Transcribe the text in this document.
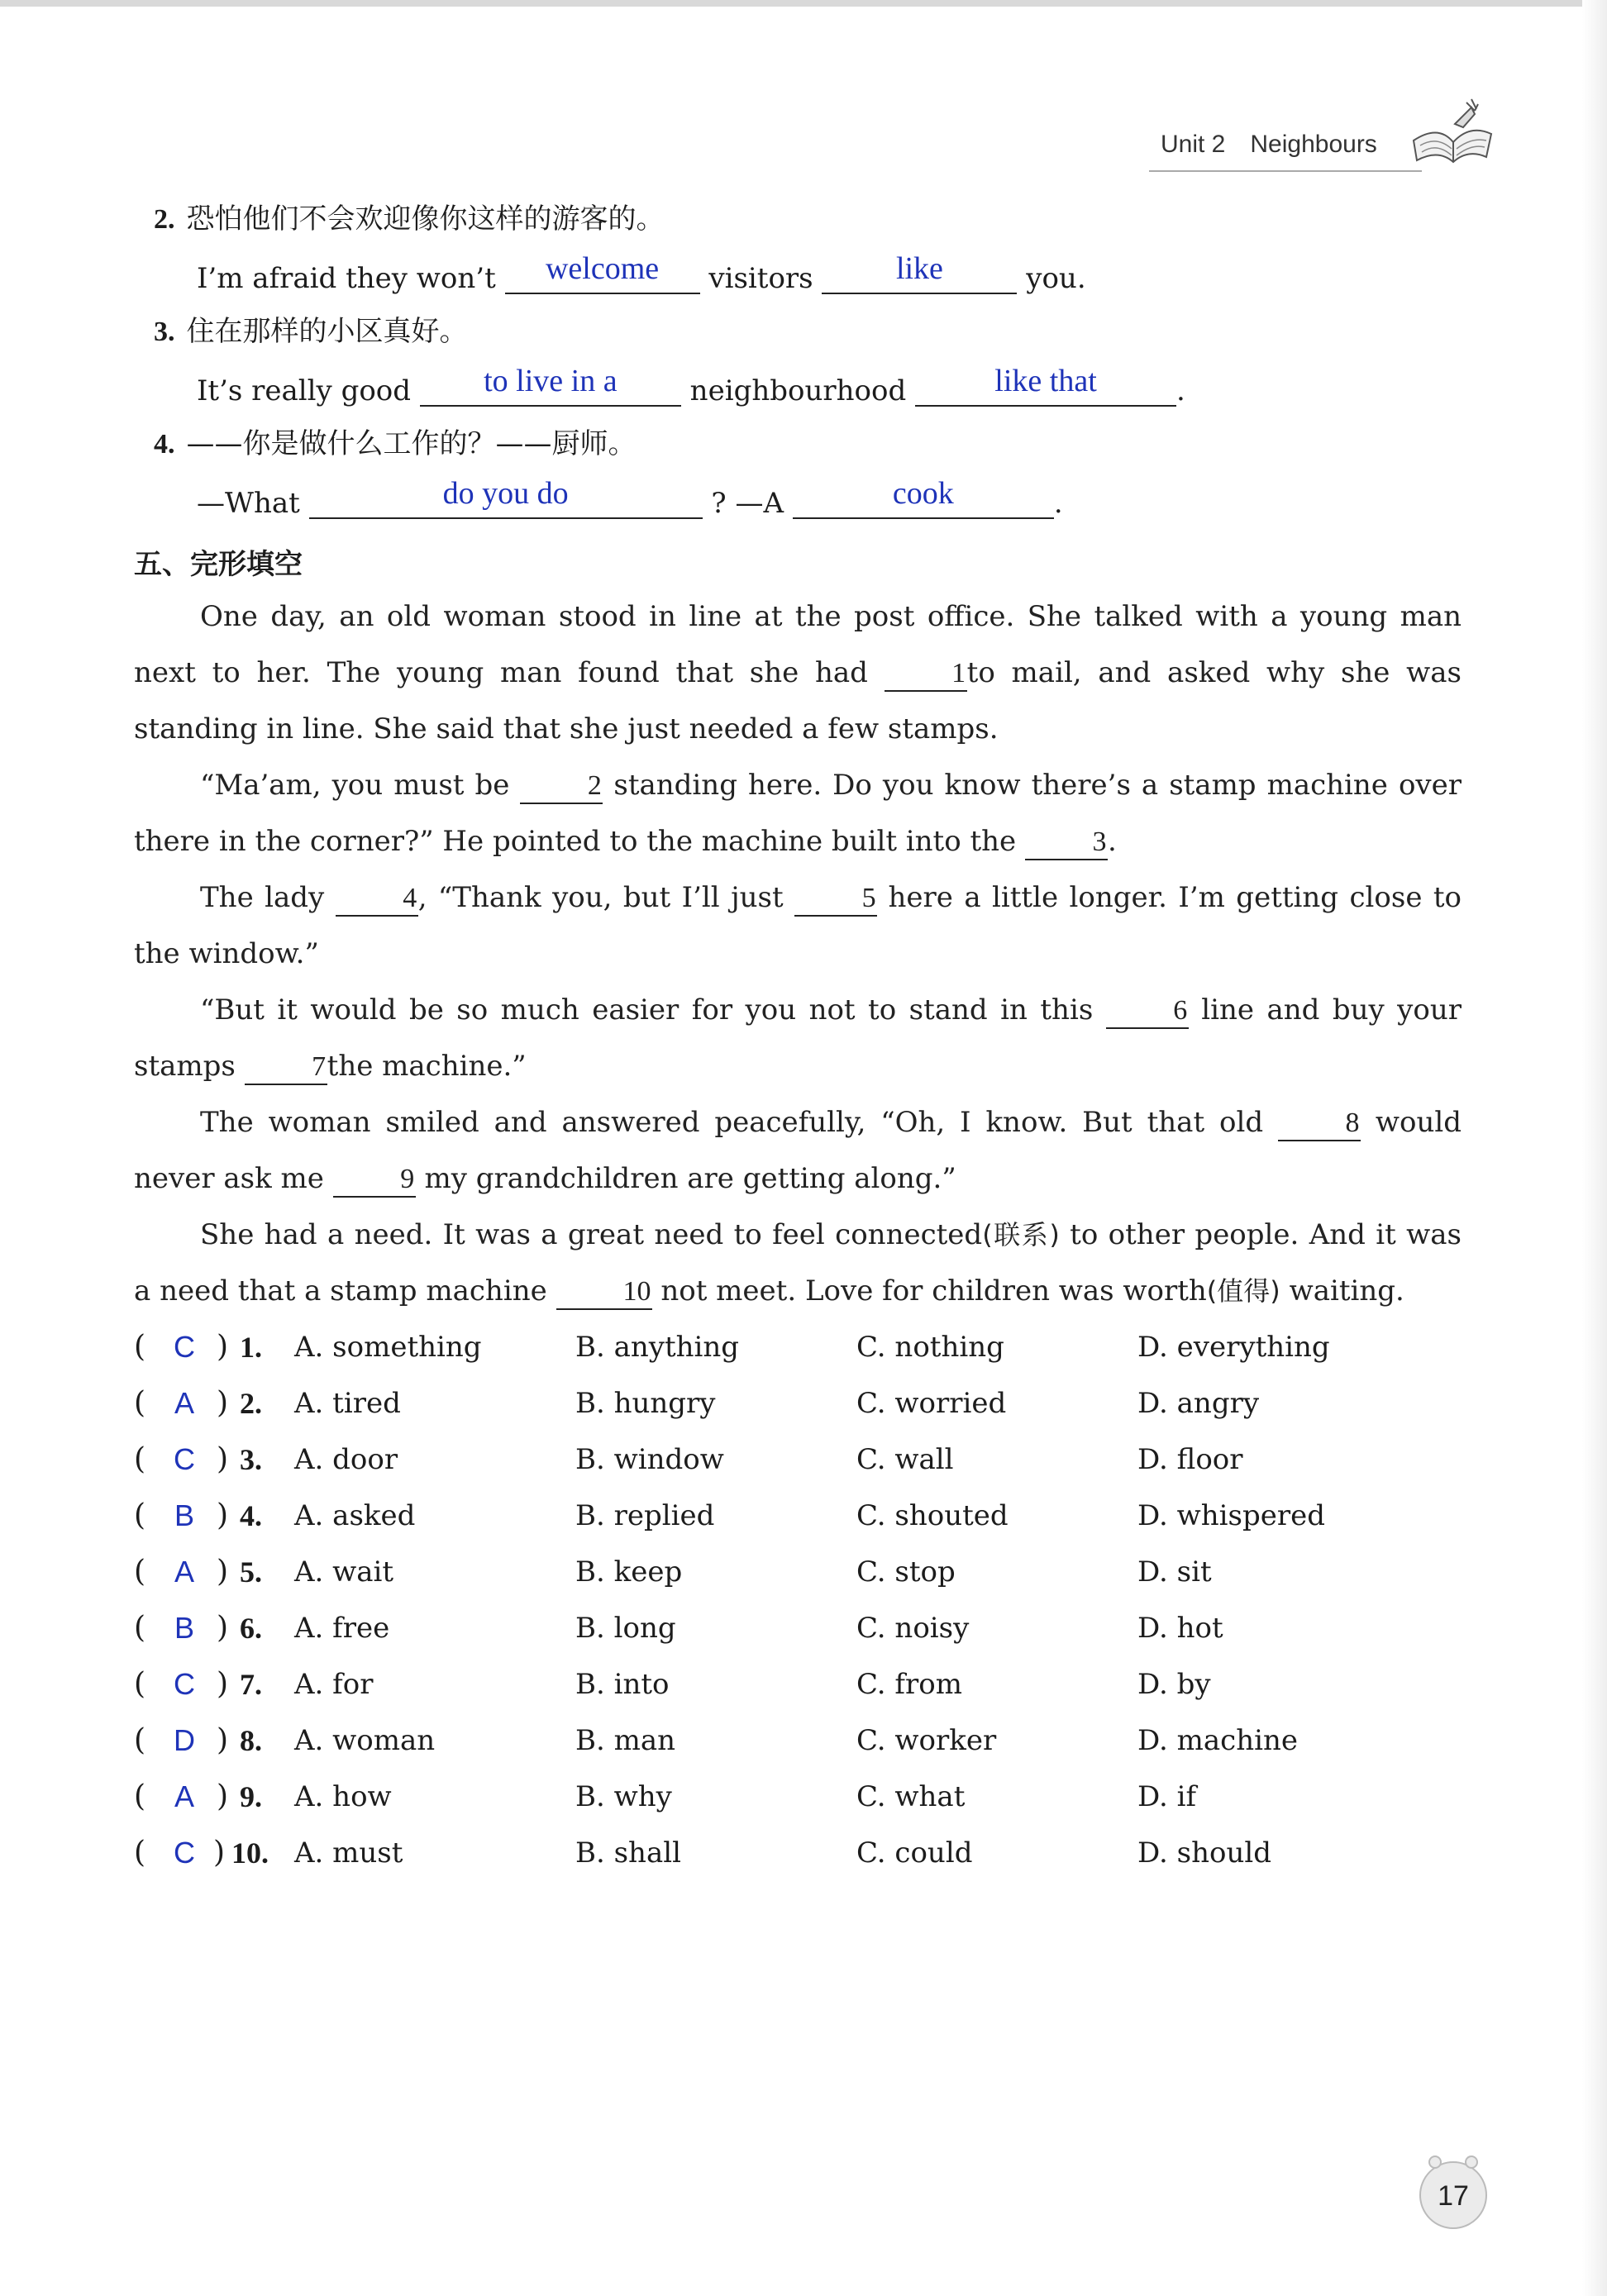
Unit 2 Neighbours
2. 恐怕他们不会欢迎像你这样的游客的。
I’m afraid they won’t	welcome	visitors	like	you.
3. 住在那样的小区真好。
It’s really good	to live in a	neighbourhood	like that	.
4. ——你是做什么工作的？——厨师。
—What	do you do	? —A	cook	.
五、完形填空
One day, an old woman stood in line at the post office. She talked with a young man next to her. The young man found that she had	1to mail, and asked why she was standing in line. She said that she just needed a few stamps.
“Ma’am, you must be	2 standing here. Do you know there’s a stamp machine over there in the corner?” He pointed to the machine built into the	3.
The lady	4, “Thank you, but I’ll just	5 here a little longer. I’m getting close to the window.”
“But it would be so much easier for you not to stand in this	6 line and buy your stamps	7the machine.”
The woman smiled and answered peacefully, “Oh, I know. But that old	8 would never ask me	9 my grandchildren are getting along.”
She had a need. It was a great need to feel connected(联系) to other people. And it was a need that a stamp machine	10 not meet. Love for children was worth(值得) waiting.
( C ) 1. A. something	B. anything	C. nothing	D. everything
( A ) 2. A. tired	B. hungry	C. worried	D. angry
( C ) 3. A. door	B. window	C. wall	D. floor
( B ) 4. A. asked	B. replied	C. shouted	D. whispered
( A ) 5. A. wait	B. keep	C. stop	D. sit
( B ) 6. A. free	B. long	C. noisy	D. hot
( C ) 7. A. for	B. into	C. from	D. by
( D ) 8. A. woman	B. man	C. worker	D. machine
( A ) 9. A. how	B. why	C. what	D. if
( C ) 10. A. must	B. shall	C. could	D. should
17
